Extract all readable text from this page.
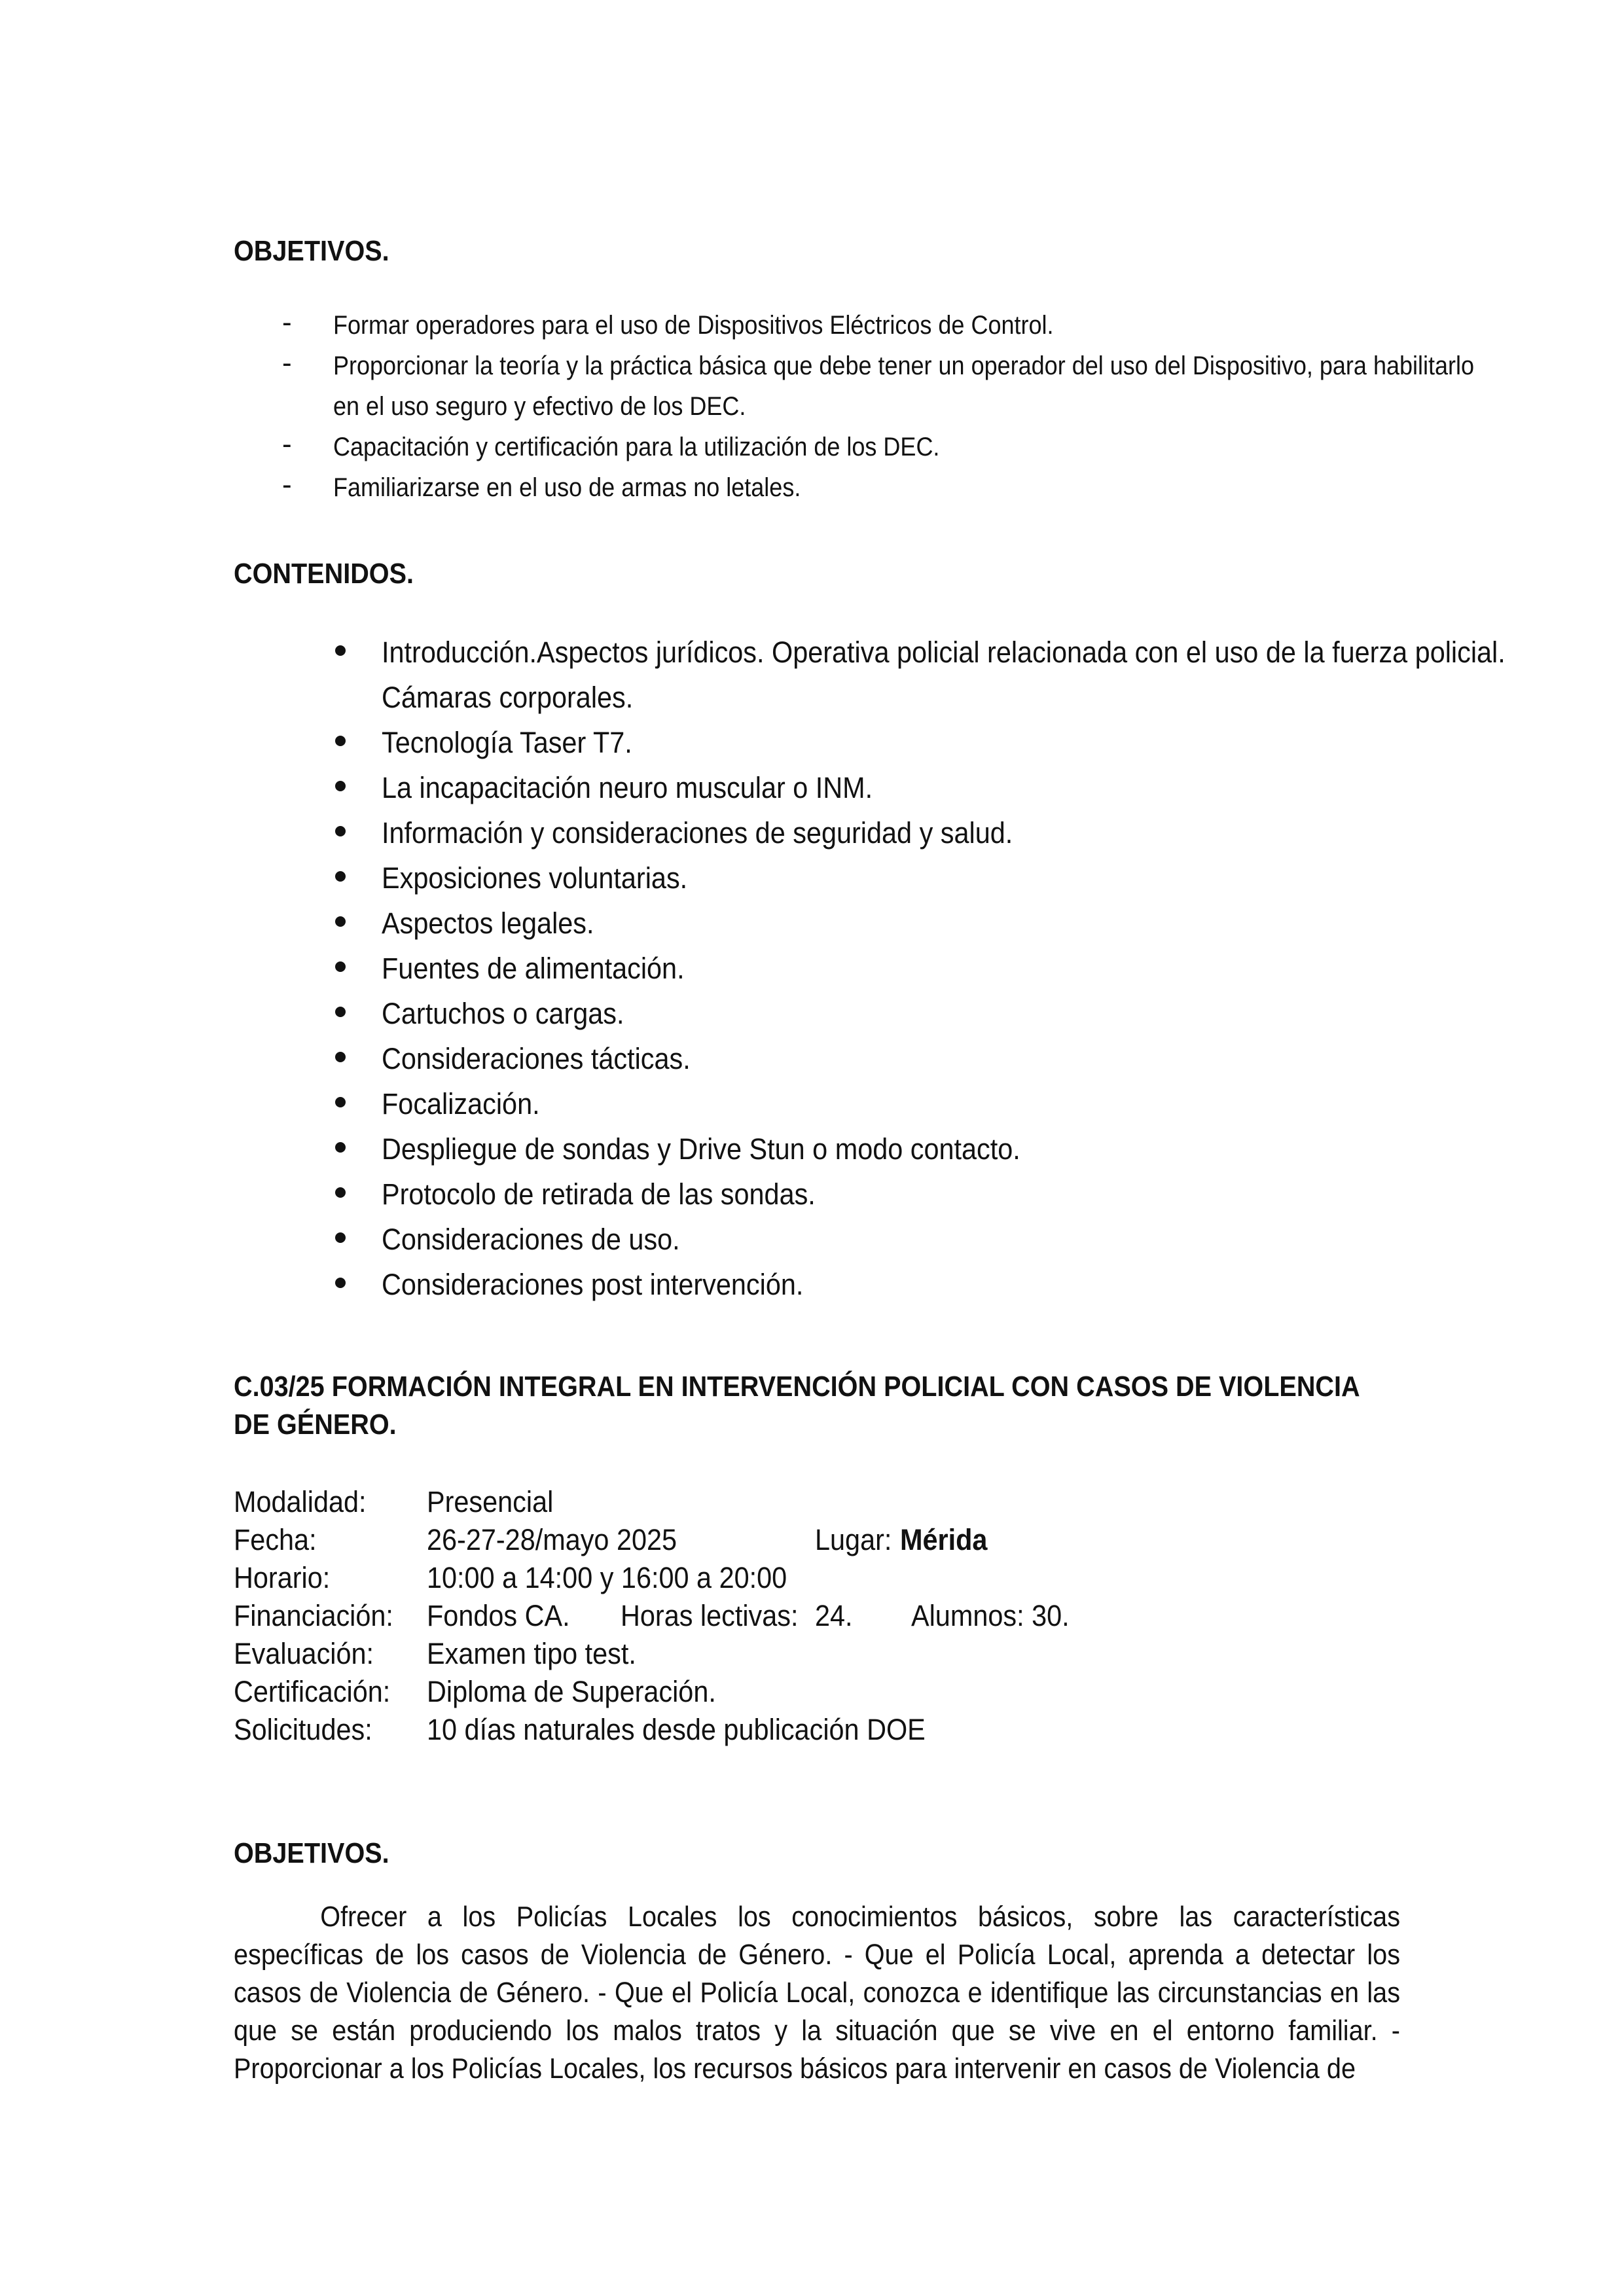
OBJETIVOS.
- Formar operadores para el uso de Dispositivos Eléctricos de Control.
- Proporcionar la teoría y la práctica básica que debe tener un operador del uso del Dispositivo, para habilitarlo en el uso seguro y efectivo de los DEC.
- Capacitación y certificación para la utilización de los DEC.
- Familiarizarse en el uso de armas no letales.
CONTENIDOS.
Introducción.Aspectos jurídicos. Operativa policial relacionada con el uso de la fuerza policial. Cámaras corporales.
Tecnología Taser T7.
La incapacitación neuro muscular o INM.
Información y consideraciones de seguridad y salud.
Exposiciones voluntarias.
Aspectos legales.
Fuentes de alimentación.
Cartuchos o cargas.
Consideraciones tácticas.
Focalización.
Despliegue de sondas y Drive Stun o modo contacto.
Protocolo de retirada de las sondas.
Consideraciones de uso.
Consideraciones post intervención.
C.03/25 FORMACIÓN INTEGRAL EN INTERVENCIÓN POLICIAL CON CASOS DE VIOLENCIA DE GÉNERO.
Modalidad: Presencial
Fecha:	26-27-28/mayo 2025	Lugar: Mérida
Horario:	10:00 a 14:00 y 16:00 a 20:00
Financiación: Fondos CA. Horas lectivas: 24. Alumnos: 30.
Evaluación: Examen tipo test.
Certificación: Diploma de Superación.
Solicitudes: 10 días naturales desde publicación DOE
OBJETIVOS.

Ofrecer a los Policías Locales los conocimientos básicos, sobre las características específicas de los casos de Violencia de Género. - Que el Policía Local, aprenda a detectar los casos de Violencia de Género. - Que el Policía Local, conozca e identifique las circunstancias en las que se están produciendo los malos tratos y la situación que se vive en el entorno familiar. - Proporcionar a los Policías Locales, los recursos básicos para intervenir en casos de Violencia de
